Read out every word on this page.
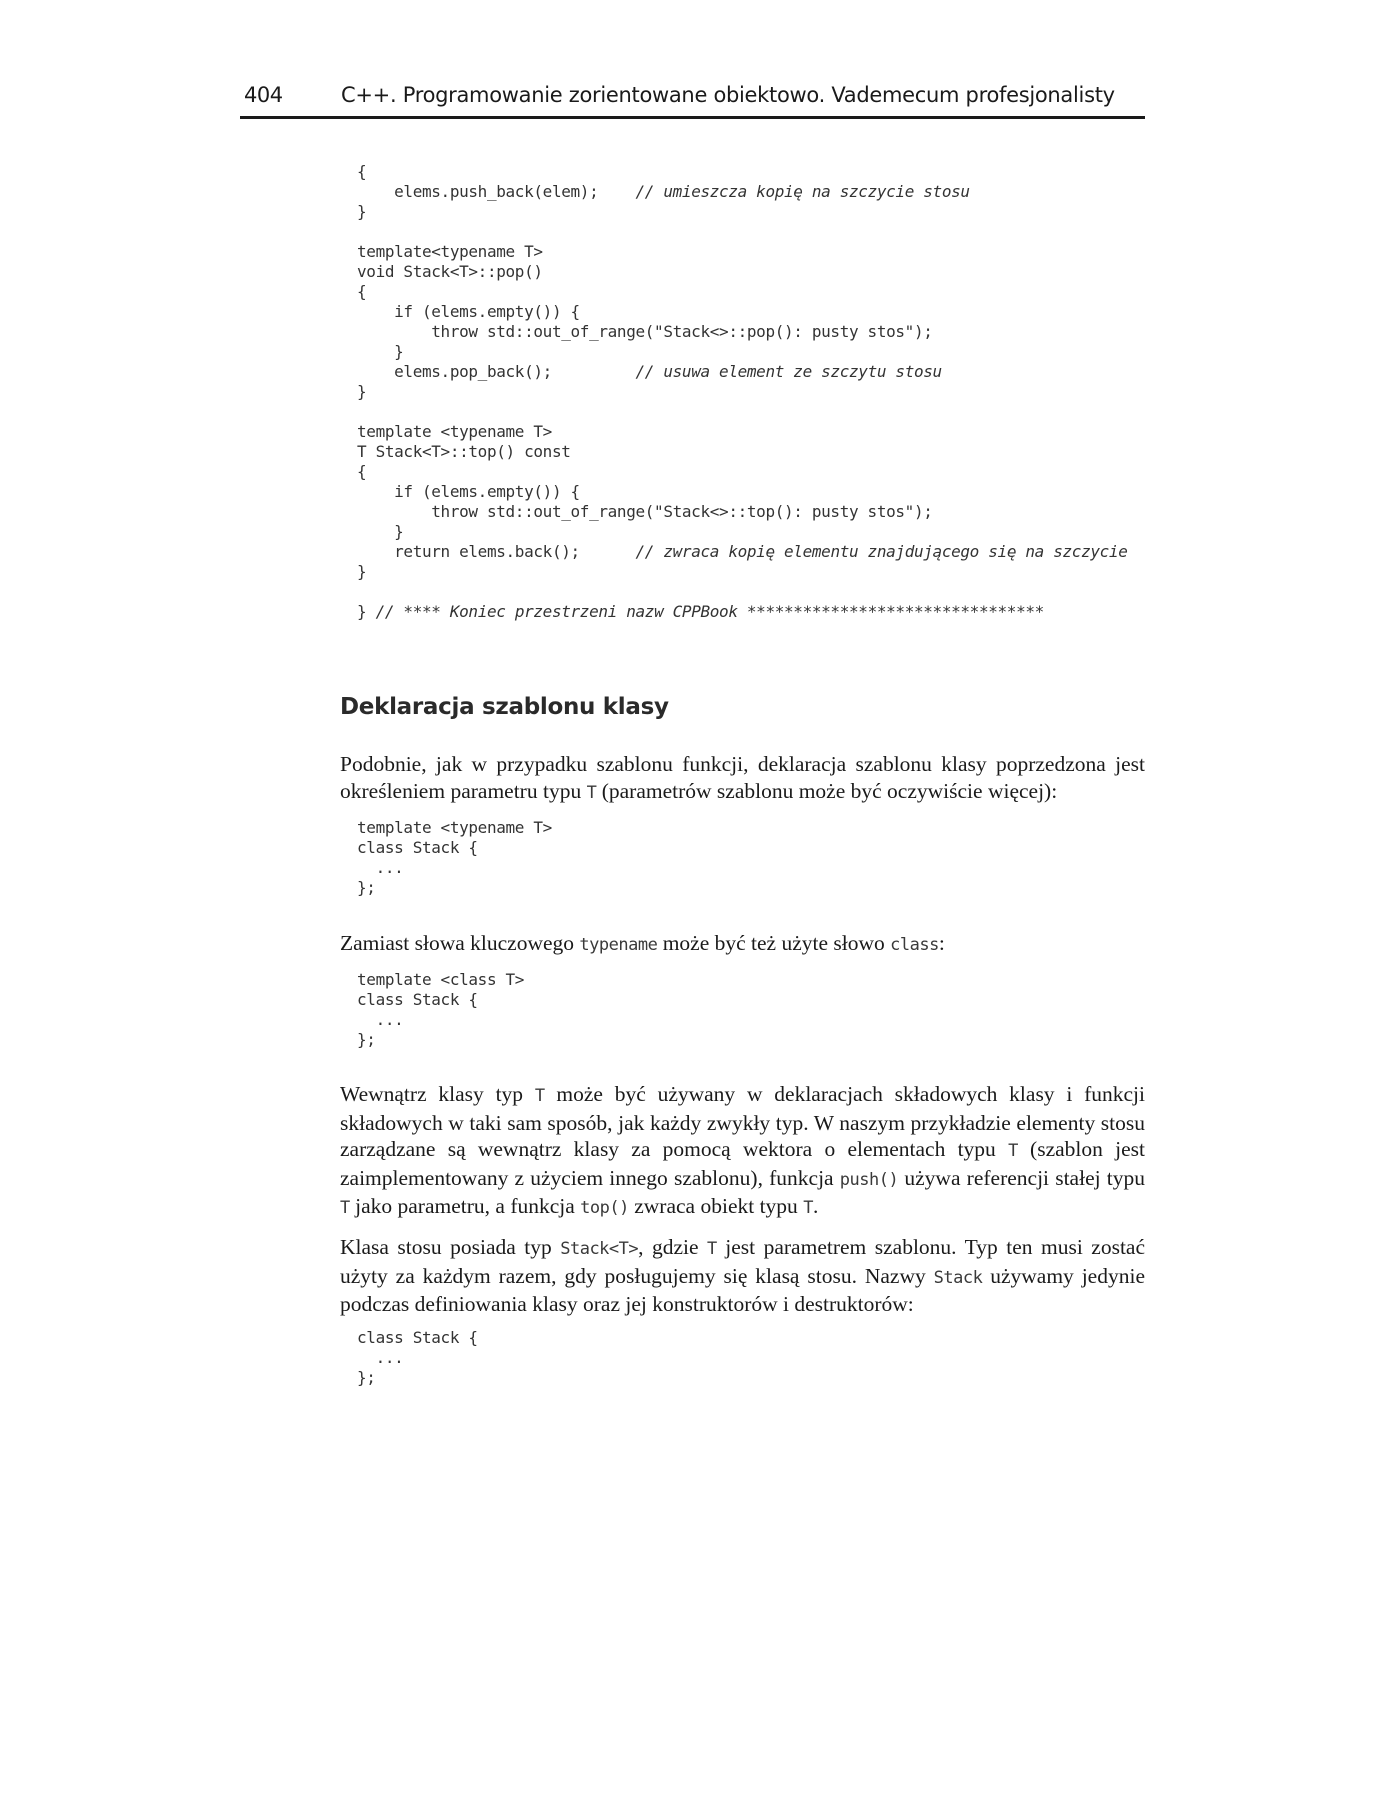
404	C++. Programowanie zorientowane obiektowo. Vademecum profesjonalisty
{
elems.push_back(elem);    // umieszcza kopię na szczycie stosu
}
template<typename T>
void Stack<T>::pop()
{
if (elems.empty()) {
throw std::out_of_range("Stack<>::pop(): pusty stos");
}
elems.pop_back();         // usuwa element ze szczytu stosu
}
template <typename T>
T Stack<T>::top() const
{
if (elems.empty()) {
throw std::out_of_range("Stack<>::top(): pusty stos");
}
return elems.back();      // zwraca kopię elementu znajdującego się na szczycie
}
} // **** Koniec przestrzeni nazw CPPBook ********************************
Deklaracja szablonu klasy

Podobnie, jak w przypadku szablonu funkcji, deklaracja szablonu klasy poprzedzona jest określeniem parametru typu T (parametrów szablonu może być oczywiście więcej):

template <typename T>
class Stack {
...
};

Zamiast słowa kluczowego typename może być też użyte słowo class:

template <class T>
class Stack {
...
};

Wewnątrz klasy typ T może być używany w deklaracjach składowych klasy i funkcji składowych w taki sam sposób, jak każdy zwykły typ. W naszym przykładzie elementy stosu zarządzane są wewnątrz klasy za pomocą wektora o elementach typu T (szablon jest zaimplementowany z użyciem innego szablonu), funkcja push() używa referencji stałej typu T jako parametru, a funkcja top() zwraca obiekt typu T.

Klasa stosu posiada typ Stack<T>, gdzie T jest parametrem szablonu. Typ ten musi zostać użyty za każdym razem, gdy posługujemy się klasą stosu. Nazwy Stack używamy jedynie podczas definiowania klasy oraz jej konstruktorów i destruktorów:

class Stack {
...
};
